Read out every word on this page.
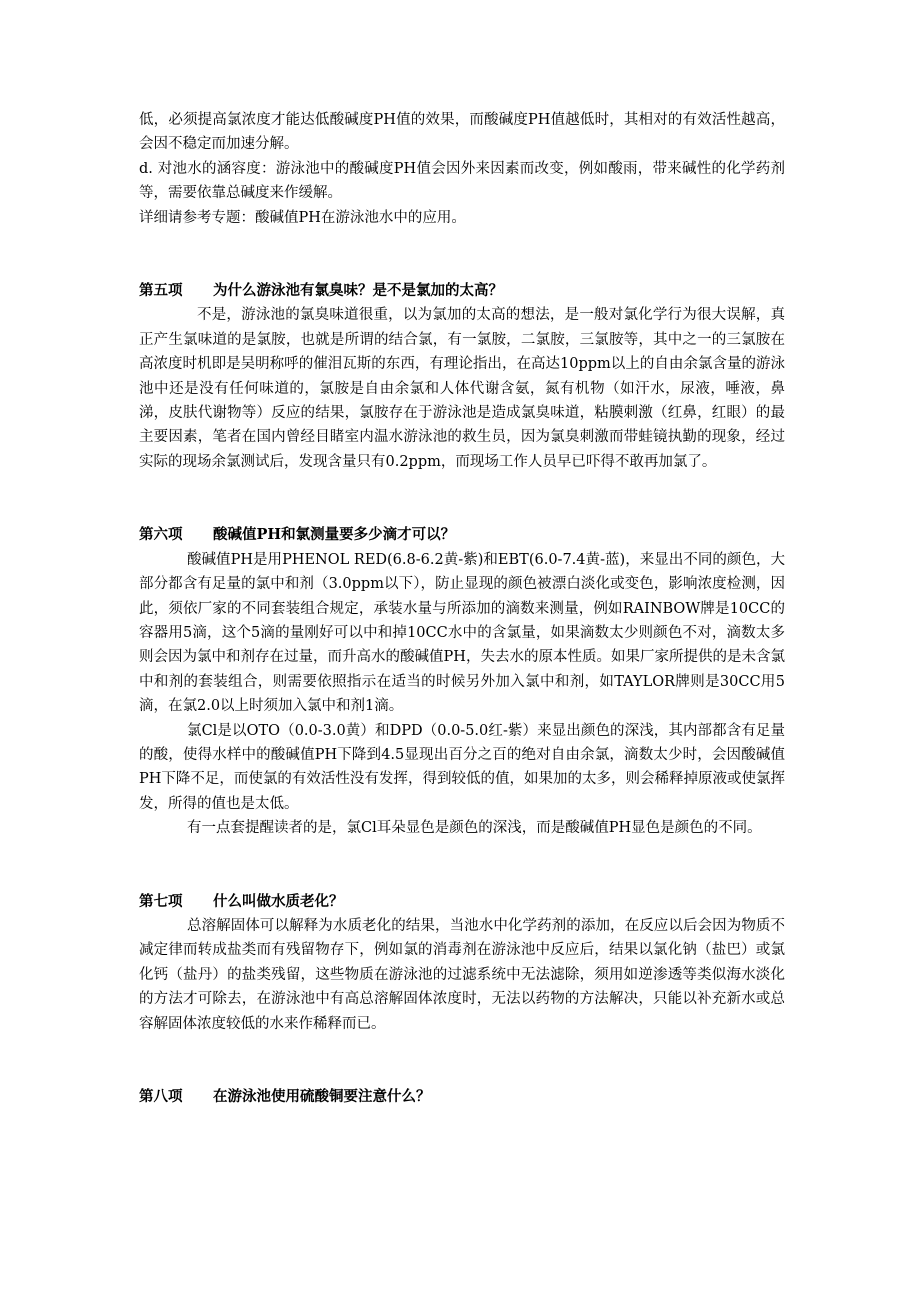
低，必须提高氯浓度才能达低酸碱度PH值的效果，而酸碱度PH值越低时，其相对的有效活性越高，会因不稳定而加速分解。

d. 对池水的涵容度：游泳池中的酸碱度PH值会因外来因素而改变，例如酸雨，带来碱性的化学药剂等，需要依靠总碱度来作缓解。

详细请参考专题：酸碱值PH在游泳池水中的应用。

第五项 为什么游泳池有氯臭味？是不是氯加的太高？

不是，游泳池的氯臭味道很重，以为氯加的太高的想法，是一般对氯化学行为很大误解，真正产生氯味道的是氯胺，也就是所谓的结合氯，有一氯胺，二氯胺，三氯胺等，其中之一的三氯胺在高浓度时机即是吴明称呼的催泪瓦斯的东西，有理论指出，在高达10ppm以上的自由余氯含量的游泳池中还是没有任何味道的，氯胺是自由余氯和人体代谢含氨，氮有机物（如汗水，尿液，唾液，鼻涕，皮肤代谢物等）反应的结果，氯胺存在于游泳池是造成氯臭味道，粘膜刺激（红鼻，红眼）的最主要因素，笔者在国内曾经目睹室内温水游泳池的救生员，因为氯臭刺激而带蛙镜执勤的现象，经过实际的现场余氯测试后，发现含量只有0.2ppm，而现场工作人员早已吓得不敢再加氯了。

第六项 酸碱值PH和氯测量要多少滴才可以？

酸碱值PH是用PHENOL RED(6.8-6.2黄-紫)和EBT(6.0-7.4黄-蓝)，来显出不同的颜色，大部分都含有足量的氯中和剂（3.0ppm以下），防止显现的颜色被漂白淡化或变色，影响浓度检测，因此，须依厂家的不同套装组合规定，承装水量与所添加的滴数来测量，例如RAINBOW牌是10CC的容器用5滴，这个5滴的量刚好可以中和掉10CC水中的含氯量，如果滴数太少则颜色不对，滴数太多则会因为氯中和剂存在过量，而升高水的酸碱值PH，失去水的原本性质。如果厂家所提供的是未含氯中和剂的套装组合，则需要依照指示在适当的时候另外加入氯中和剂，如TAYLOR牌则是30CC用5滴，在氯2.0以上时须加入氯中和剂1滴。

氯Cl是以OTO（0.0-3.0黄）和DPD（0.0-5.0红-紫）来显出颜色的深浅，其内部都含有足量的酸，使得水样中的酸碱值PH下降到4.5显现出百分之百的绝对自由余氯，滴数太少时，会因酸碱值PH下降不足，而使氯的有效活性没有发挥，得到较低的值，如果加的太多，则会稀释掉原液或使氯挥发，所得的值也是太低。

有一点套提醒读者的是，氯Cl耳朵显色是颜色的深浅，而是酸碱值PH显色是颜色的不同。

第七项 什么叫做水质老化？

总溶解固体可以解释为水质老化的结果，当池水中化学药剂的添加，在反应以后会因为物质不减定律而转成盐类而有残留物存下，例如氯的消毒剂在游泳池中反应后，结果以氯化钠（盐巴）或氯化钙（盐丹）的盐类残留，这些物质在游泳池的过滤系统中无法滤除，须用如逆渗透等类似海水淡化的方法才可除去，在游泳池中有高总溶解固体浓度时，无法以药物的方法解决，只能以补充新水或总容解固体浓度较低的水来作稀释而已。

第八项 在游泳池使用硫酸铜要注意什么？
